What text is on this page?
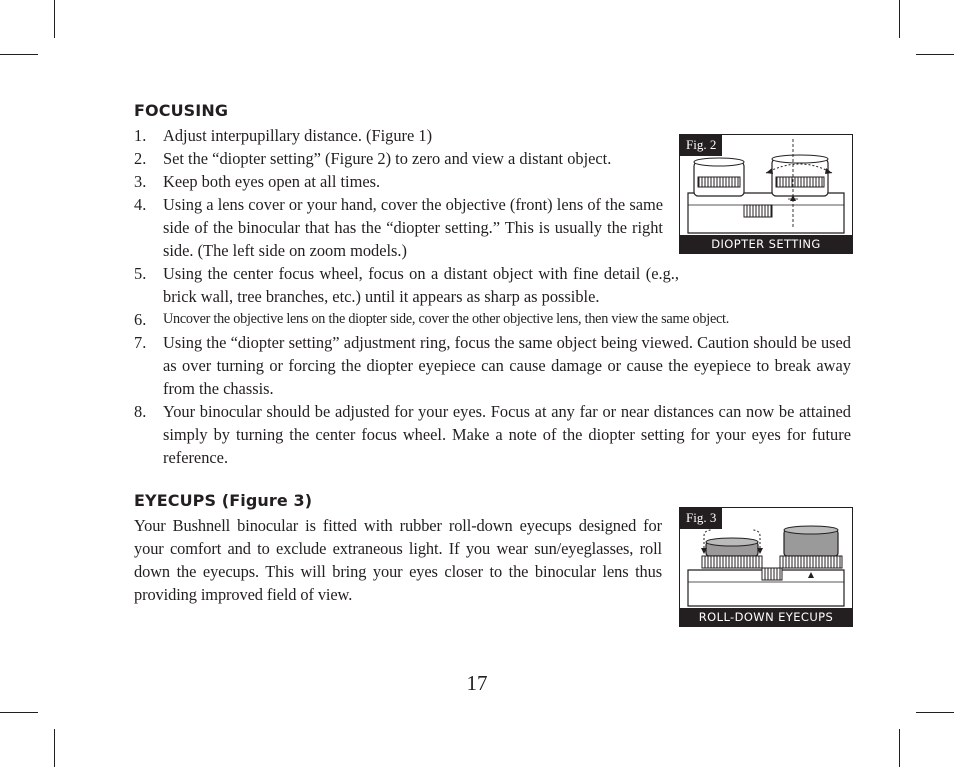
FOCUSING
1. Adjust interpupillary distance. (Figure 1)
2. Set the “diopter setting” (Figure 2) to zero and view a distant object.
3. Keep both eyes open at all times.
4. Using a lens cover or your hand, cover the objective (front) lens of the same side of the binocular that has the “diopter setting.” This is usually the right side. (The left side on zoom models.)
5. Using the center focus wheel, focus on a distant object with fine detail (e.g., brick wall, tree branches, etc.) until it appears as sharp as possible.
6. Uncover the objective lens on the diopter side, cover the other objective lens, then view the same object.
7. Using the “diopter setting” adjustment ring, focus the same object being viewed. Caution should be used as over turning or forcing the diopter eyepiece can cause damage or cause the eyepiece to break away from the chassis.
8. Your binocular should be adjusted for your eyes. Focus at any far or near distances can now be attained simply by turning the center focus wheel. Make a note of the diopter setting for your eyes for future reference.
EYECUPS (Figure 3)

Your Bushnell binocular is fitted with rubber roll-down eyecups designed for your comfort and to exclude extraneous light. If you wear sun/eyeglasses, roll down the eyecups. This will bring your eyes closer to the binocular lens thus providing improved field of view.

Fig. 2
DIOPTER SETTING
Fig. 3
ROLL-DOWN EYECUPS
17
